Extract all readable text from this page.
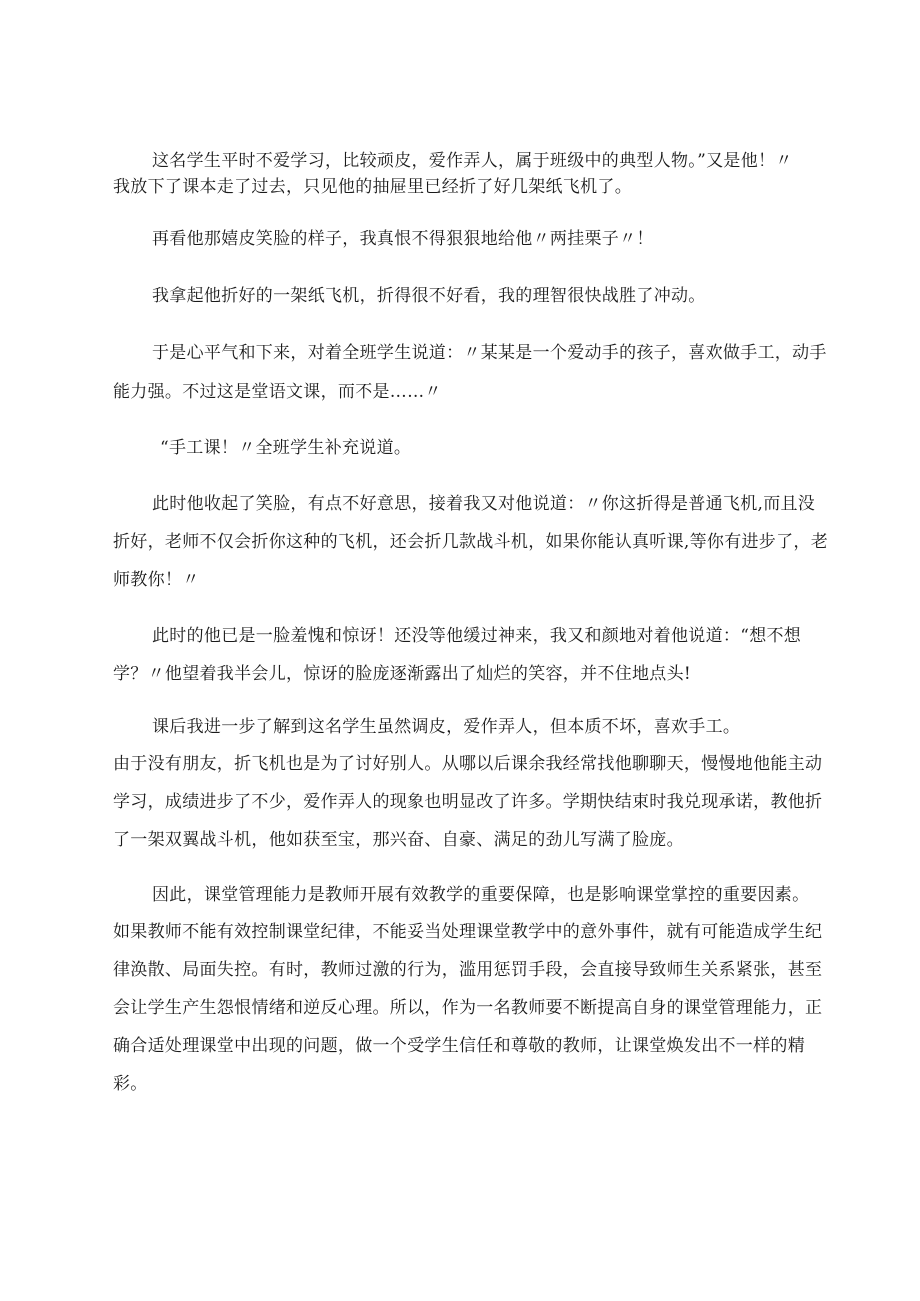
这名学生平时不爱学习，比较顽皮，爱作弄人，属于班级中的典型人物。”又是他！〃
我放下了课本走了过去，只见他的抽屉里已经折了好几架纸飞机了。
再看他那嬉皮笑脸的样子，我真恨不得狠狠地给他〃两挂栗子〃！
我拿起他折好的一架纸飞机，折得很不好看，我的理智很快战胜了冲动。
于是心平气和下来，对着全班学生说道：〃某某是一个爱动手的孩子，喜欢做手工，动手
能力强。不过这是堂语文课，而不是……〃
“手工课！〃全班学生补充说道。
此时他收起了笑脸，有点不好意思，接着我又对他说道：〃你这折得是普通飞机,而且没
折好，老师不仅会折你这种的飞机，还会折几款战斗机，如果你能认真听课,等你有进步了，老
师教你！〃
此时的他已是一脸羞愧和惊讶！还没等他缓过神来，我又和颜地对着他说道：“想不想
学？〃他望着我半会儿，惊讶的脸庞逐渐露出了灿烂的笑容，并不住地点头!
课后我进一步了解到这名学生虽然调皮，爱作弄人，但本质不坏，喜欢手工。
由于没有朋友，折飞机也是为了讨好别人。从哪以后课余我经常找他聊聊天，慢慢地他能主动
学习，成绩进步了不少，爱作弄人的现象也明显改了许多。学期快结束时我兑现承诺，教他折
了一架双翼战斗机，他如获至宝，那兴奋、自豪、满足的劲儿写满了脸庞。
因此，课堂管理能力是教师开展有效教学的重要保障，也是影响课堂掌控的重要因素。
如果教师不能有效控制课堂纪律，不能妥当处理课堂教学中的意外事件，就有可能造成学生纪
律涣散、局面失控。有时，教师过激的行为，滥用惩罚手段，会直接导致师生关系紧张，甚至
会让学生产生怨恨情绪和逆反心理。所以，作为一名教师要不断提高自身的课堂管理能力，正
确合适处理课堂中出现的问题，做一个受学生信任和尊敬的教师，让课堂焕发出不一样的精
彩。
